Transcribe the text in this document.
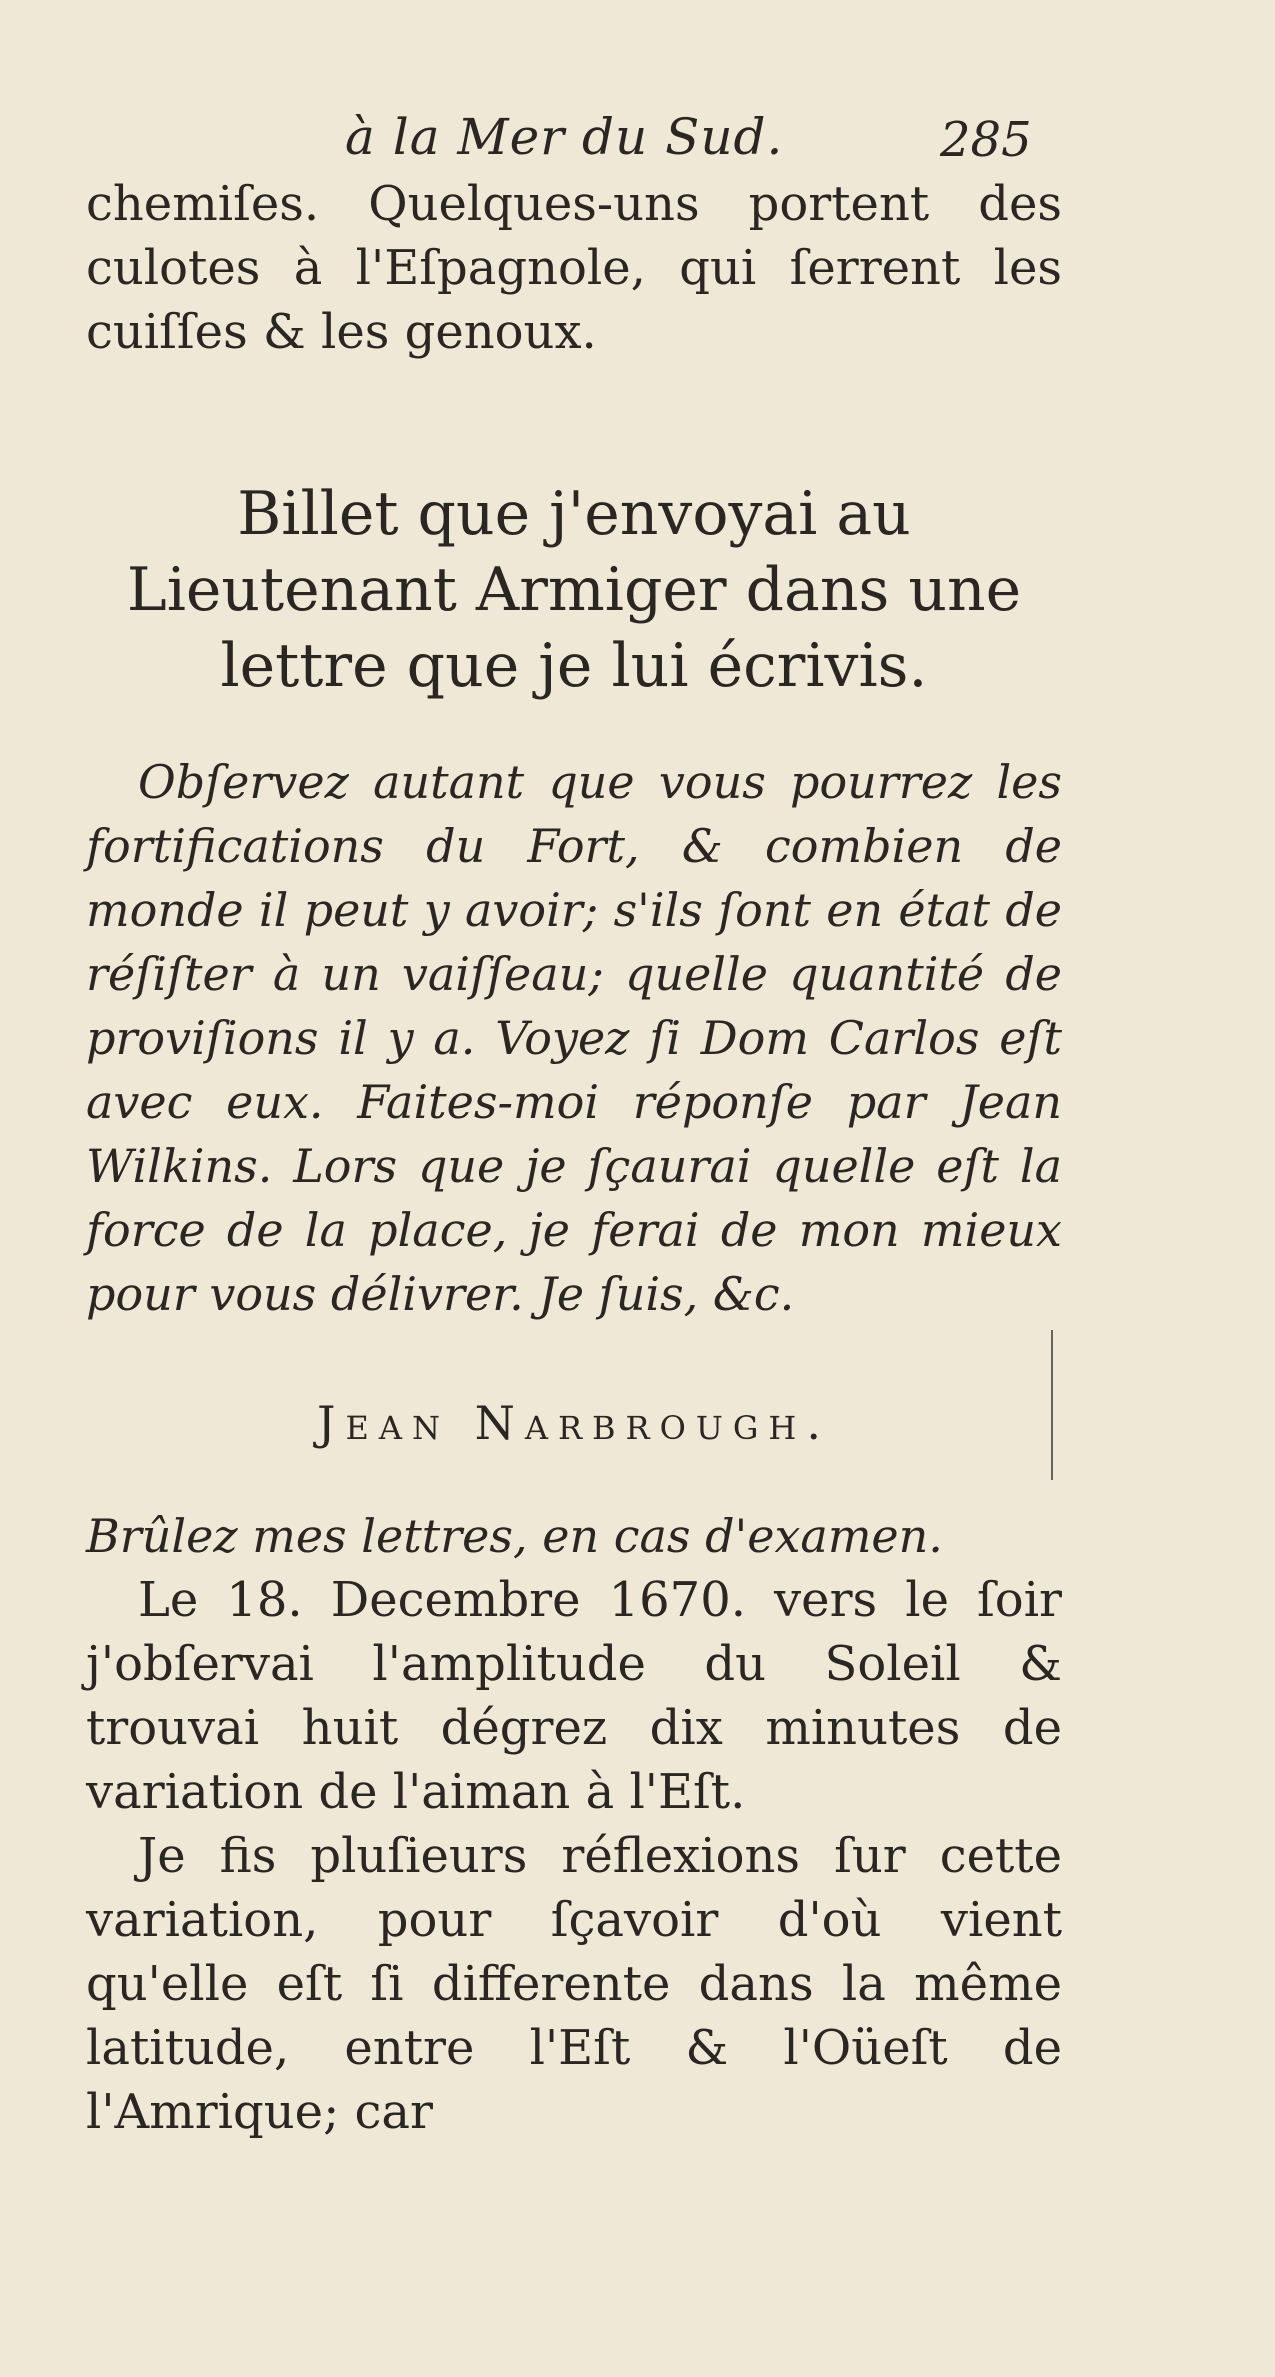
à la Mer du Sud.	285

chemiſes. Quelques-uns portent des culotes à l'Eſpagnole, qui ſerrent les cuiſſes & les genoux.

Billet que j'envoyai au Lieutenant Armiger dans une lettre que je lui écrivis.

Obſervez autant que vous pourrez les fortifications du Fort, & combien de monde il peut y avoir; s'ils ſont en état de réſiſter à un vaiſſeau; quelle quantité de proviſions il y a. Voyez ſi Dom Carlos eſt avec eux. Faites-moi réponſe par Jean Wilkins. Lors que je ſçaurai quelle eſt la force de la place, je ferai de mon mieux pour vous délivrer. Je ſuis, &c.

Jean Narbrough.

Brûlez mes lettres, en cas d'examen.

Le 18. Decembre 1670. vers le ſoir j'obſervai l'amplitude du Soleil & trouvai huit dégrez dix minutes de variation de l'aiman à l'Eſt.

Je fis pluſieurs réflexions ſur cette variation, pour ſçavoir d'où vient qu'elle eſt ſi differente dans la même latitude, entre l'Eſt & l'Oüeſt de l'Amrique; car
